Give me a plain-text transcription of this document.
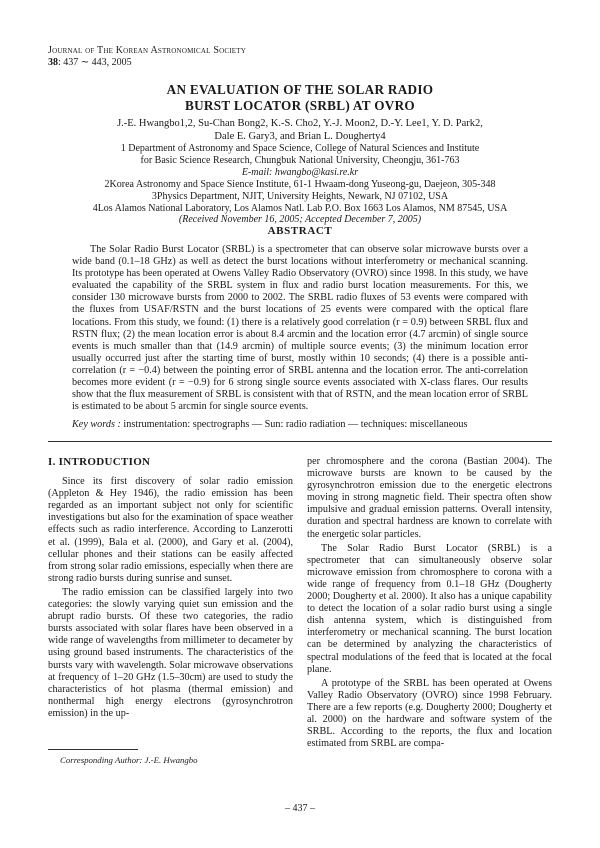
Journal of The Korean Astronomical Society
38: 437 ∼ 443, 2005
AN EVALUATION OF THE SOLAR RADIO
BURST LOCATOR (SRBL) AT OVRO
J.-E. Hwangbo1,2, Su-Chan Bong2, K.-S. Cho2, Y.-J. Moon2, D.-Y. Lee1, Y. D. Park2,
Dale E. Gary3, and Brian L. Dougherty4
1 Department of Astronomy and Space Science, College of Natural Sciences and Institute
for Basic Science Research, Chungbuk National University, Cheongju, 361-763
E-mail: hwangbo@kasi.re.kr
2Korea Astronomy and Space Sience Institute, 61-1 Hwaam-dong Yuseong-gu, Daejeon, 305-348
3Physics Department, NJIT, University Heights, Newark, NJ 07102, USA
4Los Alamos National Laboratory, Los Alamos Natl. Lab P.O. Box 1663 Los Alamos, NM 87545, USA
(Received November 16, 2005; Accepted December 7, 2005)
ABSTRACT

The Solar Radio Burst Locator (SRBL) is a spectrometer that can observe solar microwave bursts over a wide band (0.1–18 GHz) as well as detect the burst locations without interferometry or mechanical scanning. Its prototype has been operated at Owens Valley Radio Observatory (OVRO) since 1998. In this study, we have evaluated the capability of the SRBL system in flux and radio burst location measurements. For this, we consider 130 microwave bursts from 2000 to 2002. The SRBL radio fluxes of 53 events were compared with the fluxes from USAF/RSTN and the burst locations of 25 events were compared with the optical flare locations. From this study, we found: (1) there is a relatively good correlation (r = 0.9) between SRBL flux and RSTN flux; (2) the mean location error is about 8.4 arcmin and the location error (4.7 arcmin) of single source events is much smaller than that (14.9 arcmin) of multiple source events; (3) the minimum location error usually occurred just after the starting time of burst, mostly within 10 seconds; (4) there is a possible anti-correlation (r = −0.4) between the pointing error of SRBL antenna and the location error. The anti-correlation becomes more evident (r = −0.9) for 6 strong single source events associated with X-class flares. Our results show that the flux measurement of SRBL is consistent with that of RSTN, and the mean location error of SRBL is estimated to be about 5 arcmin for single source events.

Key words : instrumentation: spectrographs — Sun: radio radiation — techniques: miscellaneous

I. INTRODUCTION

Since its first discovery of solar radio emission (Appleton & Hey 1946), the radio emission has been regarded as an important subject not only for scientific investigations but also for the examination of space weather effects such as radio interference. According to Lanzerotti et al. (1999), Bala et al. (2000), and Gary et al. (2004), cellular phones and their stations can be easily affected from strong solar radio emissions, especially when there are strong radio bursts during sunrise and sunset.

The radio emission can be classified largely into two categories: the slowly varying quiet sun emission and the abrupt radio bursts. Of these two categories, the radio bursts associated with solar flares have been observed in a wide range of wavelengths from millimeter to decameter by using ground based instruments. The characteristics of the bursts vary with wavelength. Solar microwave observations at frequency of 1–20 GHz (1.5–30cm) are used to study the characteristics of hot plasma (thermal emission) and nonthermal high energy electrons (gyrosynchrotron emission) in the up-

per chromosphere and the corona (Bastian 2004). The microwave bursts are known to be caused by the gyrosynchrotron emission due to the energetic electrons moving in strong magnetic field. Their spectra often show impulsive and gradual emission patterns. Overall intensity, duration and spectral hardness are known to correlate with the energetic solar particles.

The Solar Radio Burst Locator (SRBL) is a spectrometer that can simultaneously observe solar microwave emission from chromosphere to corona with a wide range of frequency from 0.1–18 GHz (Dougherty 2000; Dougherty et al. 2000). It also has a unique capability to detect the location of a solar radio burst using a single dish antenna system, which is distinguished from interferometry or mechanical scanning. The burst location can be determined by analyzing the characteristics of spectral modulations of the feed that is located at the focal plane.

A prototype of the SRBL has been operated at Owens Valley Radio Observatory (OVRO) since 1998 February. There are a few reports (e.g. Dougherty 2000; Dougherty et al. 2000) on the hardware and software system of the SRBL. According to the reports, the flux and location estimated from SRBL are compa-

Corresponding Author: J.-E. Hwangbo
– 437 –
